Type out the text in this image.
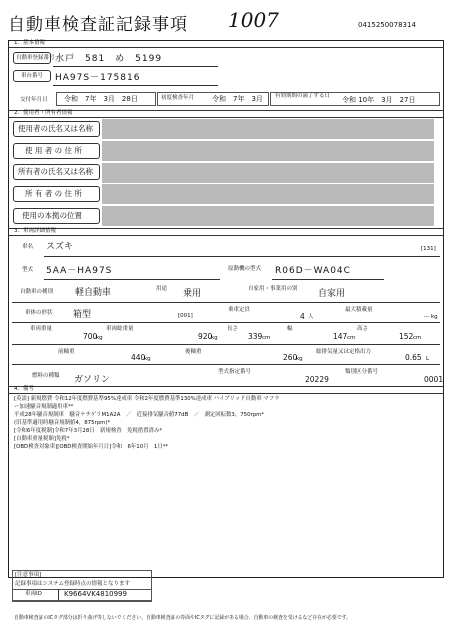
自動車検査証記録事項 1007	0415250078314
1．基本情報
自動車登録番号 水戸　581　め　5199
車台番号 HA97S－175816
交付年月日 令和　7年　3月　28日	初度検査年月	令和　7年　3月 有効期間の満了する日 令和 10年　3月　27日
2．使用者・所有者情報
使用者の氏名又は名称
使 用 者 の 住 所
所有者の氏名又は名称
所 有 者 の 住 所
使用の本拠の位置
3．車両詳細情報
車名 スズキ	[131]
型式 5AA－HA97S	原動機の型式 R06D－WA04C
自動車の種別 軽自動車	用途 乗用	自家用・事業用の別 自家用
車体の形状 箱型	[001]
乗車定員
4 人
最大積載量
－ kg
車両重量
700
kg
車両総重量
920
kg
長さ
339 cm
幅
147 cm
高さ
152 cm
前軸重
440
kg
後軸重
260
kg
総排気量又は定格出力
0.65 L
燃料の種類 ガソリン
型式指定番号
20229
類別区分番号
0001
4．備考
[英語] 新規燃費 令和12年度燃費基準95%達成車 令和2年度燃費基準130%達成車 ハイブリッド自動車 マフラ
ー加速騒音規制適用車**
平成28年騒音規制車　騒音ナチゲリM1A2A　／　近接排気騒音値77dB　／　測定回転数3，750rpm*
(旧基準適用時騒音規制値4，875rpm)*
[令和6年度税制]令和7年3月28日　新規検査　免税措置済み*
[自動車重量税額]免税*
[OBD検査対象車][OBD検査開始年月日]令和　6年10月　1日**
[注意事項]
記録事項はシステム登録時点の情報となります
車両ID	K9664VK4810999
自動車検査証のICタグ部分は折り曲げ等しないでください。自動車検査証の券面やICタグに記録がある場合、自動車の検査を受けるなど存在が必要です。
